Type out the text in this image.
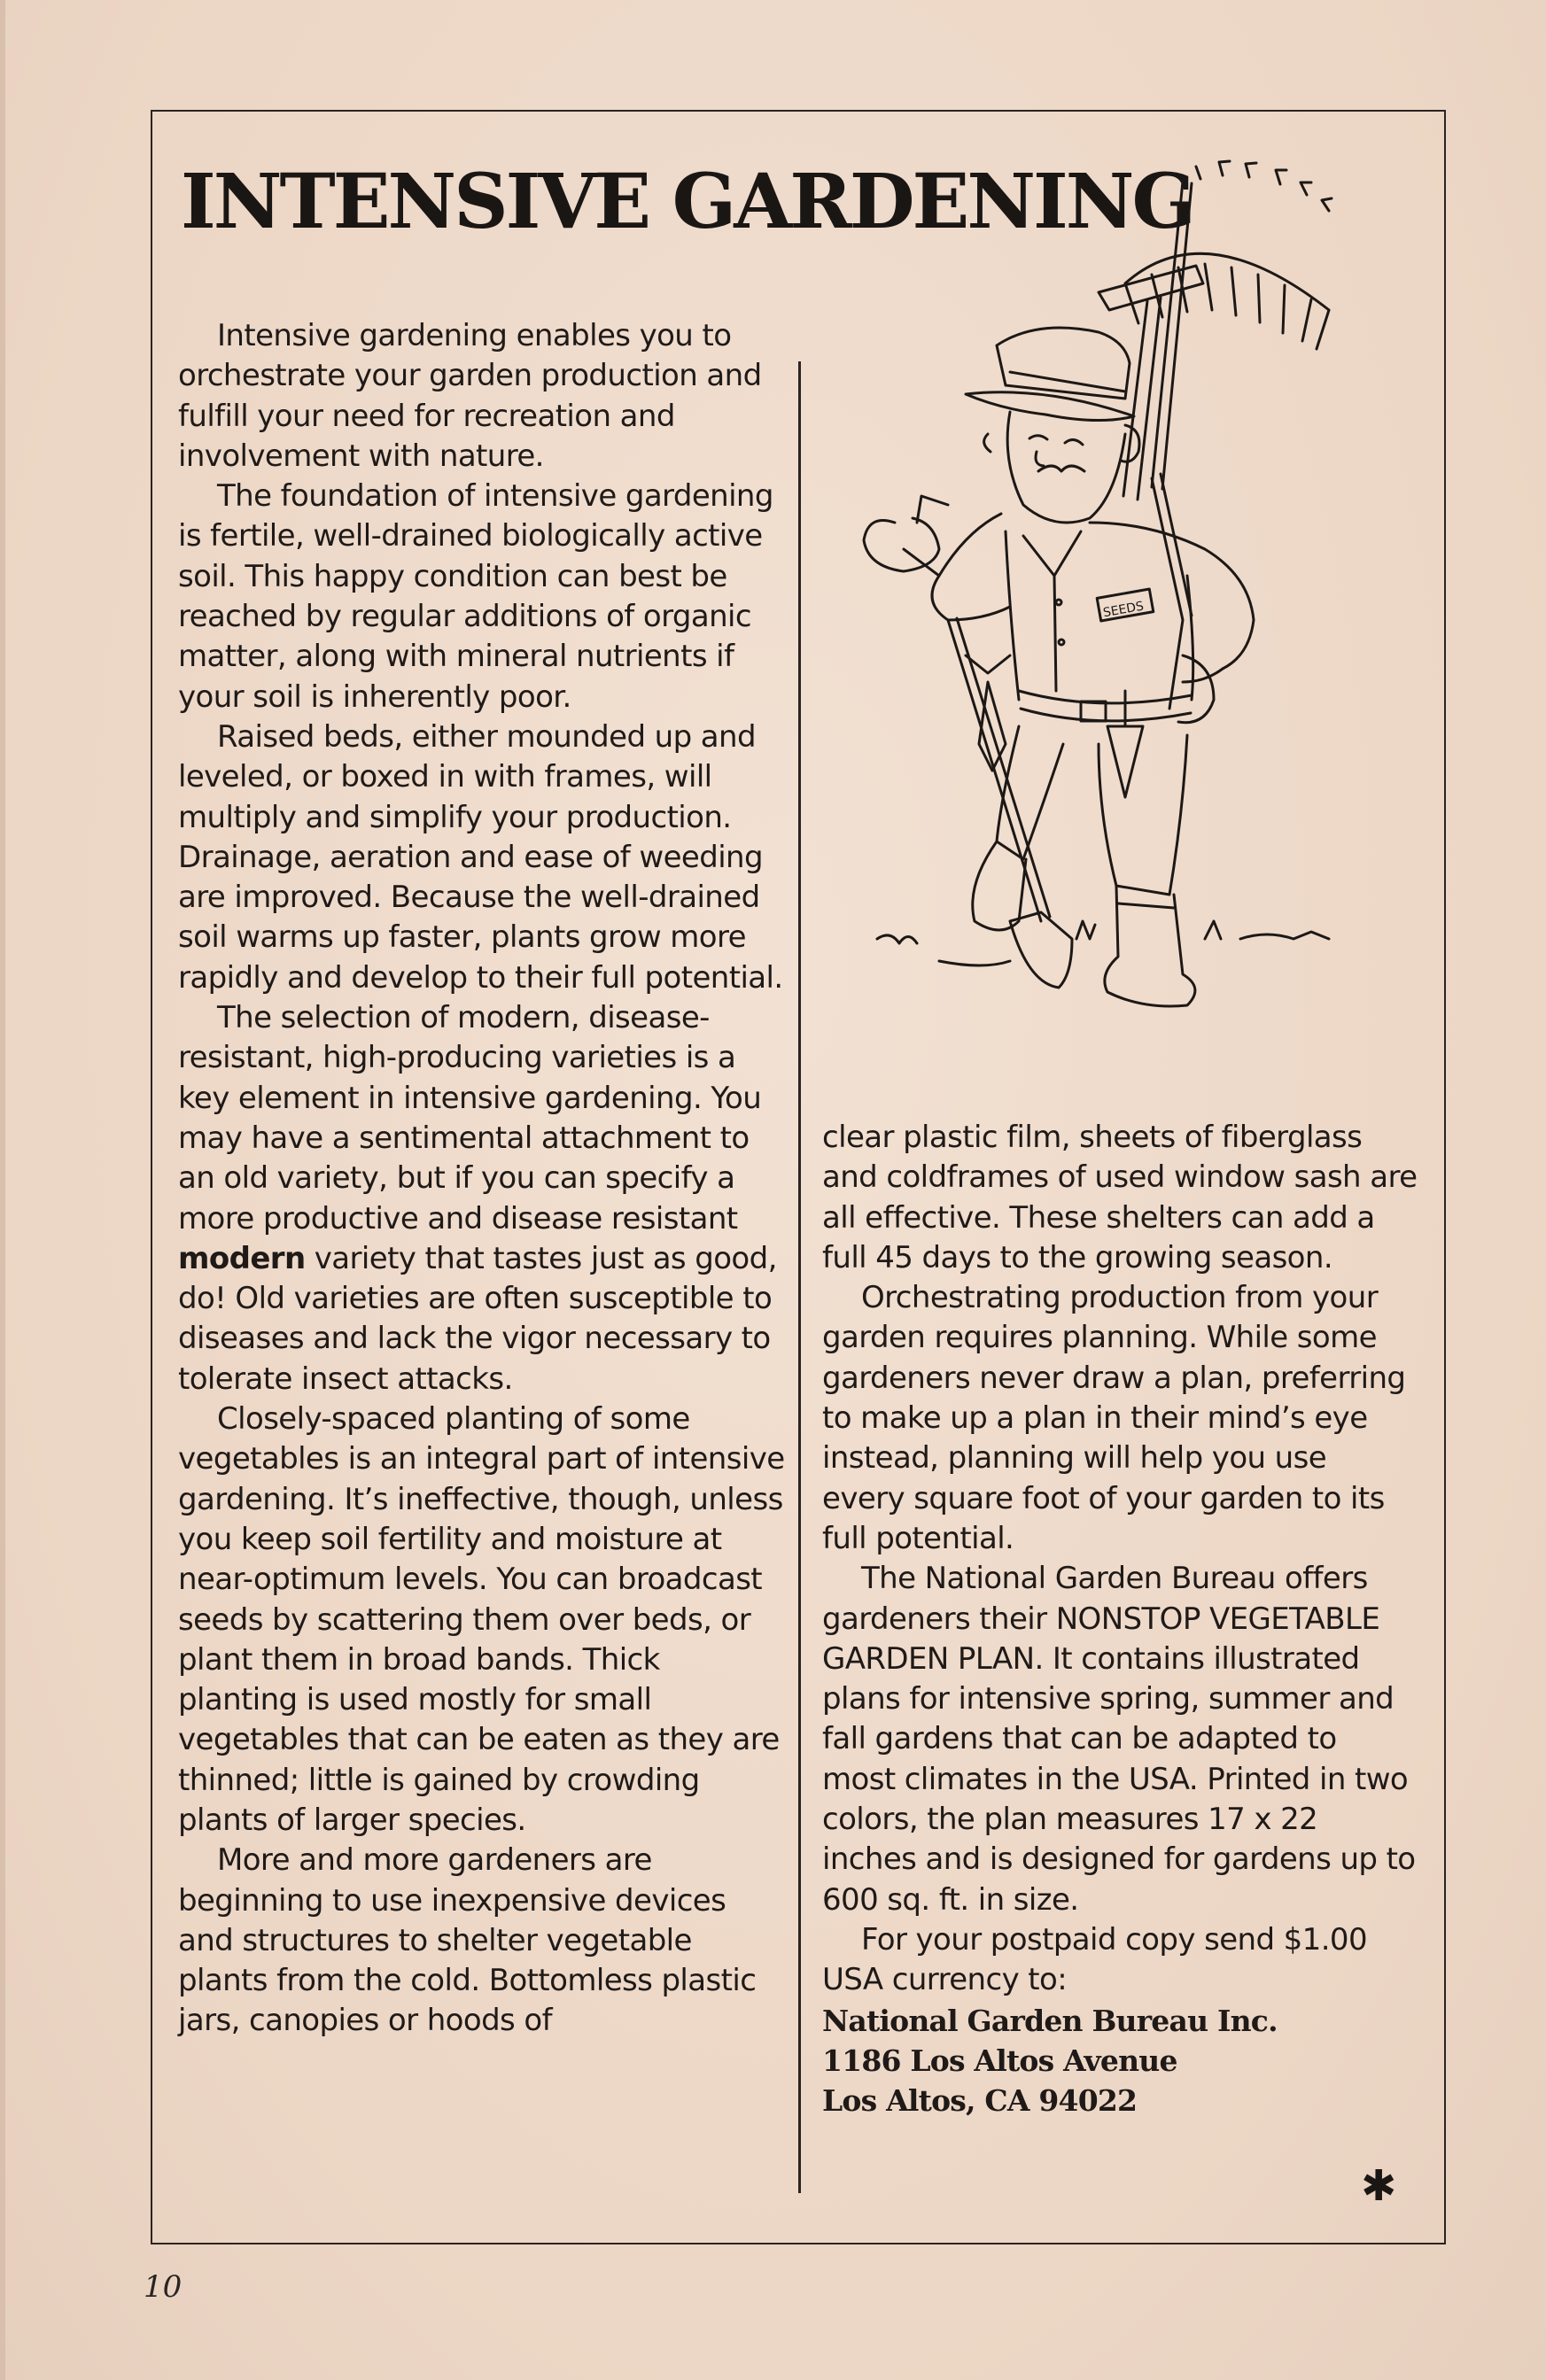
INTENSIVE GARDENING
SEEDS

Intensive gardening enables you to orchestrate your garden production and fulfill your need for recreation and involvement with nature.

The foundation of intensive gardening is fertile, well-drained biologically active soil. This happy condition can best be reached by regular additions of organic matter, along with mineral nutrients if your soil is inherently poor.

Raised beds, either mounded up and leveled, or boxed in with frames, will multiply and simplify your production. Drainage, aeration and ease of weeding are improved. Because the well-drained soil warms up faster, plants grow more rapidly and develop to their full potential.

The selection of modern, disease-resistant, high-producing varieties is a key element in intensive gardening. You may have a sentimental attachment to an old variety, but if you can specify a more productive and disease resistant modern variety that tastes just as good, do! Old varieties are often susceptible to diseases and lack the vigor necessary to tolerate insect attacks.

Closely-spaced planting of some vegetables is an integral part of intensive gardening. It’s ineffective, though, unless you keep soil fertility and moisture at near-optimum levels. You can broadcast seeds by scattering them over beds, or plant them in broad bands. Thick planting is used mostly for small vegetables that can be eaten as they are thinned; little is gained by crowding plants of larger species.

More and more gardeners are beginning to use inexpensive devices and structures to shelter vegetable plants from the cold. Bottomless plastic jars, canopies or hoods of

clear plastic film, sheets of fiberglass and coldframes of used window sash are all effective. These shelters can add a full 45 days to the growing season.

Orchestrating production from your garden requires planning. While some gardeners never draw a plan, preferring to make up a plan in their mind’s eye instead, planning will help you use every square foot of your garden to its full potential.

The National Garden Bureau offers gardeners their NONSTOP VEGETABLE GARDEN PLAN. It contains illustrated plans for intensive spring, summer and fall gardens that can be adapted to most climates in the USA. Printed in two colors, the plan measures 17 x 22 inches and is designed for gardens up to 600 sq. ft. in size.

For your postpaid copy send $1.00 USA currency to:

National Garden Bureau Inc.

1186 Los Altos Avenue

Los Altos, CA 94022

✱
10
